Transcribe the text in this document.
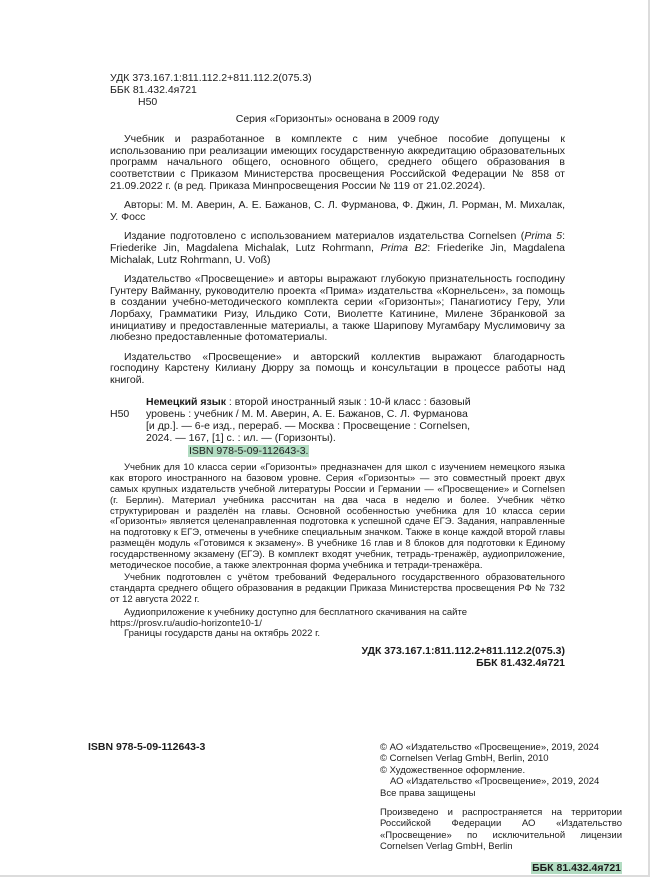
УДК 373.167.1:811.112.2+811.112.2(075.3)
ББК 81.432.4я721
Н50
Серия «Горизонты» основана в 2009 году

Учебник и разработанное в комплекте с ним учебное пособие допущены к использованию при реализации имеющих государственную аккредитацию образовательных программ начального общего, основного общего, среднего общего образования в соответствии с Приказом Министерства просвещения Российской Федерации № 858 от 21.09.2022 г. (в ред. Приказа Минпросвещения России № 119 от 21.02.2024).

Авторы: М. М. Аверин, А. Е. Бажанов, С. Л. Фурманова, Ф. Джин, Л. Рорман, М. Михалак, У. Фосс

Издание подготовлено с использованием материалов издательства Cornelsen (Prima 5: Friederike Jin, Magdalena Michalak, Lutz Rohrmann, Prima B2: Friederike Jin, Magdalena Michalak, Lutz Rohrmann, U. Voß)

Издательство «Просвещение» и авторы выражают глубокую признательность господину Гунтеру Вайманну, руководителю проекта «Прима» издательства «Корнельсен», за помощь в создании учебно-методического комплекта серии «Горизонты»; Панагиотису Геру, Ули Лорбаху, Грамматики Ризу, Ильдико Соти, Виолетте Катинине, Милене Збранковой за инициативу и предоставленные материалы, а также Шарипову Мугамбару Муслимовичу за любезно предоставленные фотоматериалы.

Издательство «Просвещение» и авторский коллектив выражают благодарность господину Карстену Килиану Дюрру за помощь и консультации в процессе работы над книгой.

Н50
Немецкий язык : второй иностранный язык : 10-й класс : базовый
уровень : учебник / М. М. Аверин, А. Е. Бажанов, С. Л. Фурманова
[и др.]. — 6-е изд., перераб. — Москва : Просвещение : Cornelsen,
2024. — 167, [1] с. : ил. — (Горизонты).
ISBN 978-5-09-112643-3.

Учебник для 10 класса серии «Горизонты» предназначен для школ с изучением немецкого языка как второго иностранного на базовом уровне. Серия «Горизонты» — это совместный проект двух самых крупных издательств учебной литературы России и Германии — «Просвещение» и Cornelsen (г. Берлин). Материал учебника рассчитан на два часа в неделю и более. Учебник чётко структурирован и разделён на главы. Основной особенностью учебника для 10 класса серии «Горизонты» является целенаправленная подготовка к успешной сдаче ЕГЭ. Задания, направленные на подготовку к ЕГЭ, отмечены в учебнике специальным значком. Также в конце каждой второй главы размещён модуль «Готовимся к экзамену». В учебнике 16 глав и 8 блоков для подготовки к Единому государственному экзамену (ЕГЭ). В комплект входят учебник, тетрадь-тренажёр, аудиоприложение, методическое пособие, а также электронная форма учебника и тетради-тренажёра.

Учебник подготовлен с учётом требований Федерального государственного образовательного стандарта среднего общего образования в редакции Приказа Министерства просвещения РФ № 732 от 12 августа 2022 г.

Аудиоприложение к учебнику доступно для бесплатного скачивания на сайте
https://prosv.ru/audio-horizonte10-1/

Границы государств даны на октябрь 2022 г.

УДК 373.167.1:811.112.2+811.112.2(075.3)
ББК 81.432.4я721
ISBN 978-5-09-112643-3	© АО «Издательство «Просвещение», 2019, 2024
© Cornelsen Verlag GmbH, Berlin, 2010
© Художественное оформление.
АО «Издательство «Просвещение», 2019, 2024
Все права защищены

Произведено и распространяется на территории Российской Федерации АО «Издательство «Просвещение» по исключительной лицензии Cornelsen Verlag GmbH, Berlin

ББК 81.432.4я721
